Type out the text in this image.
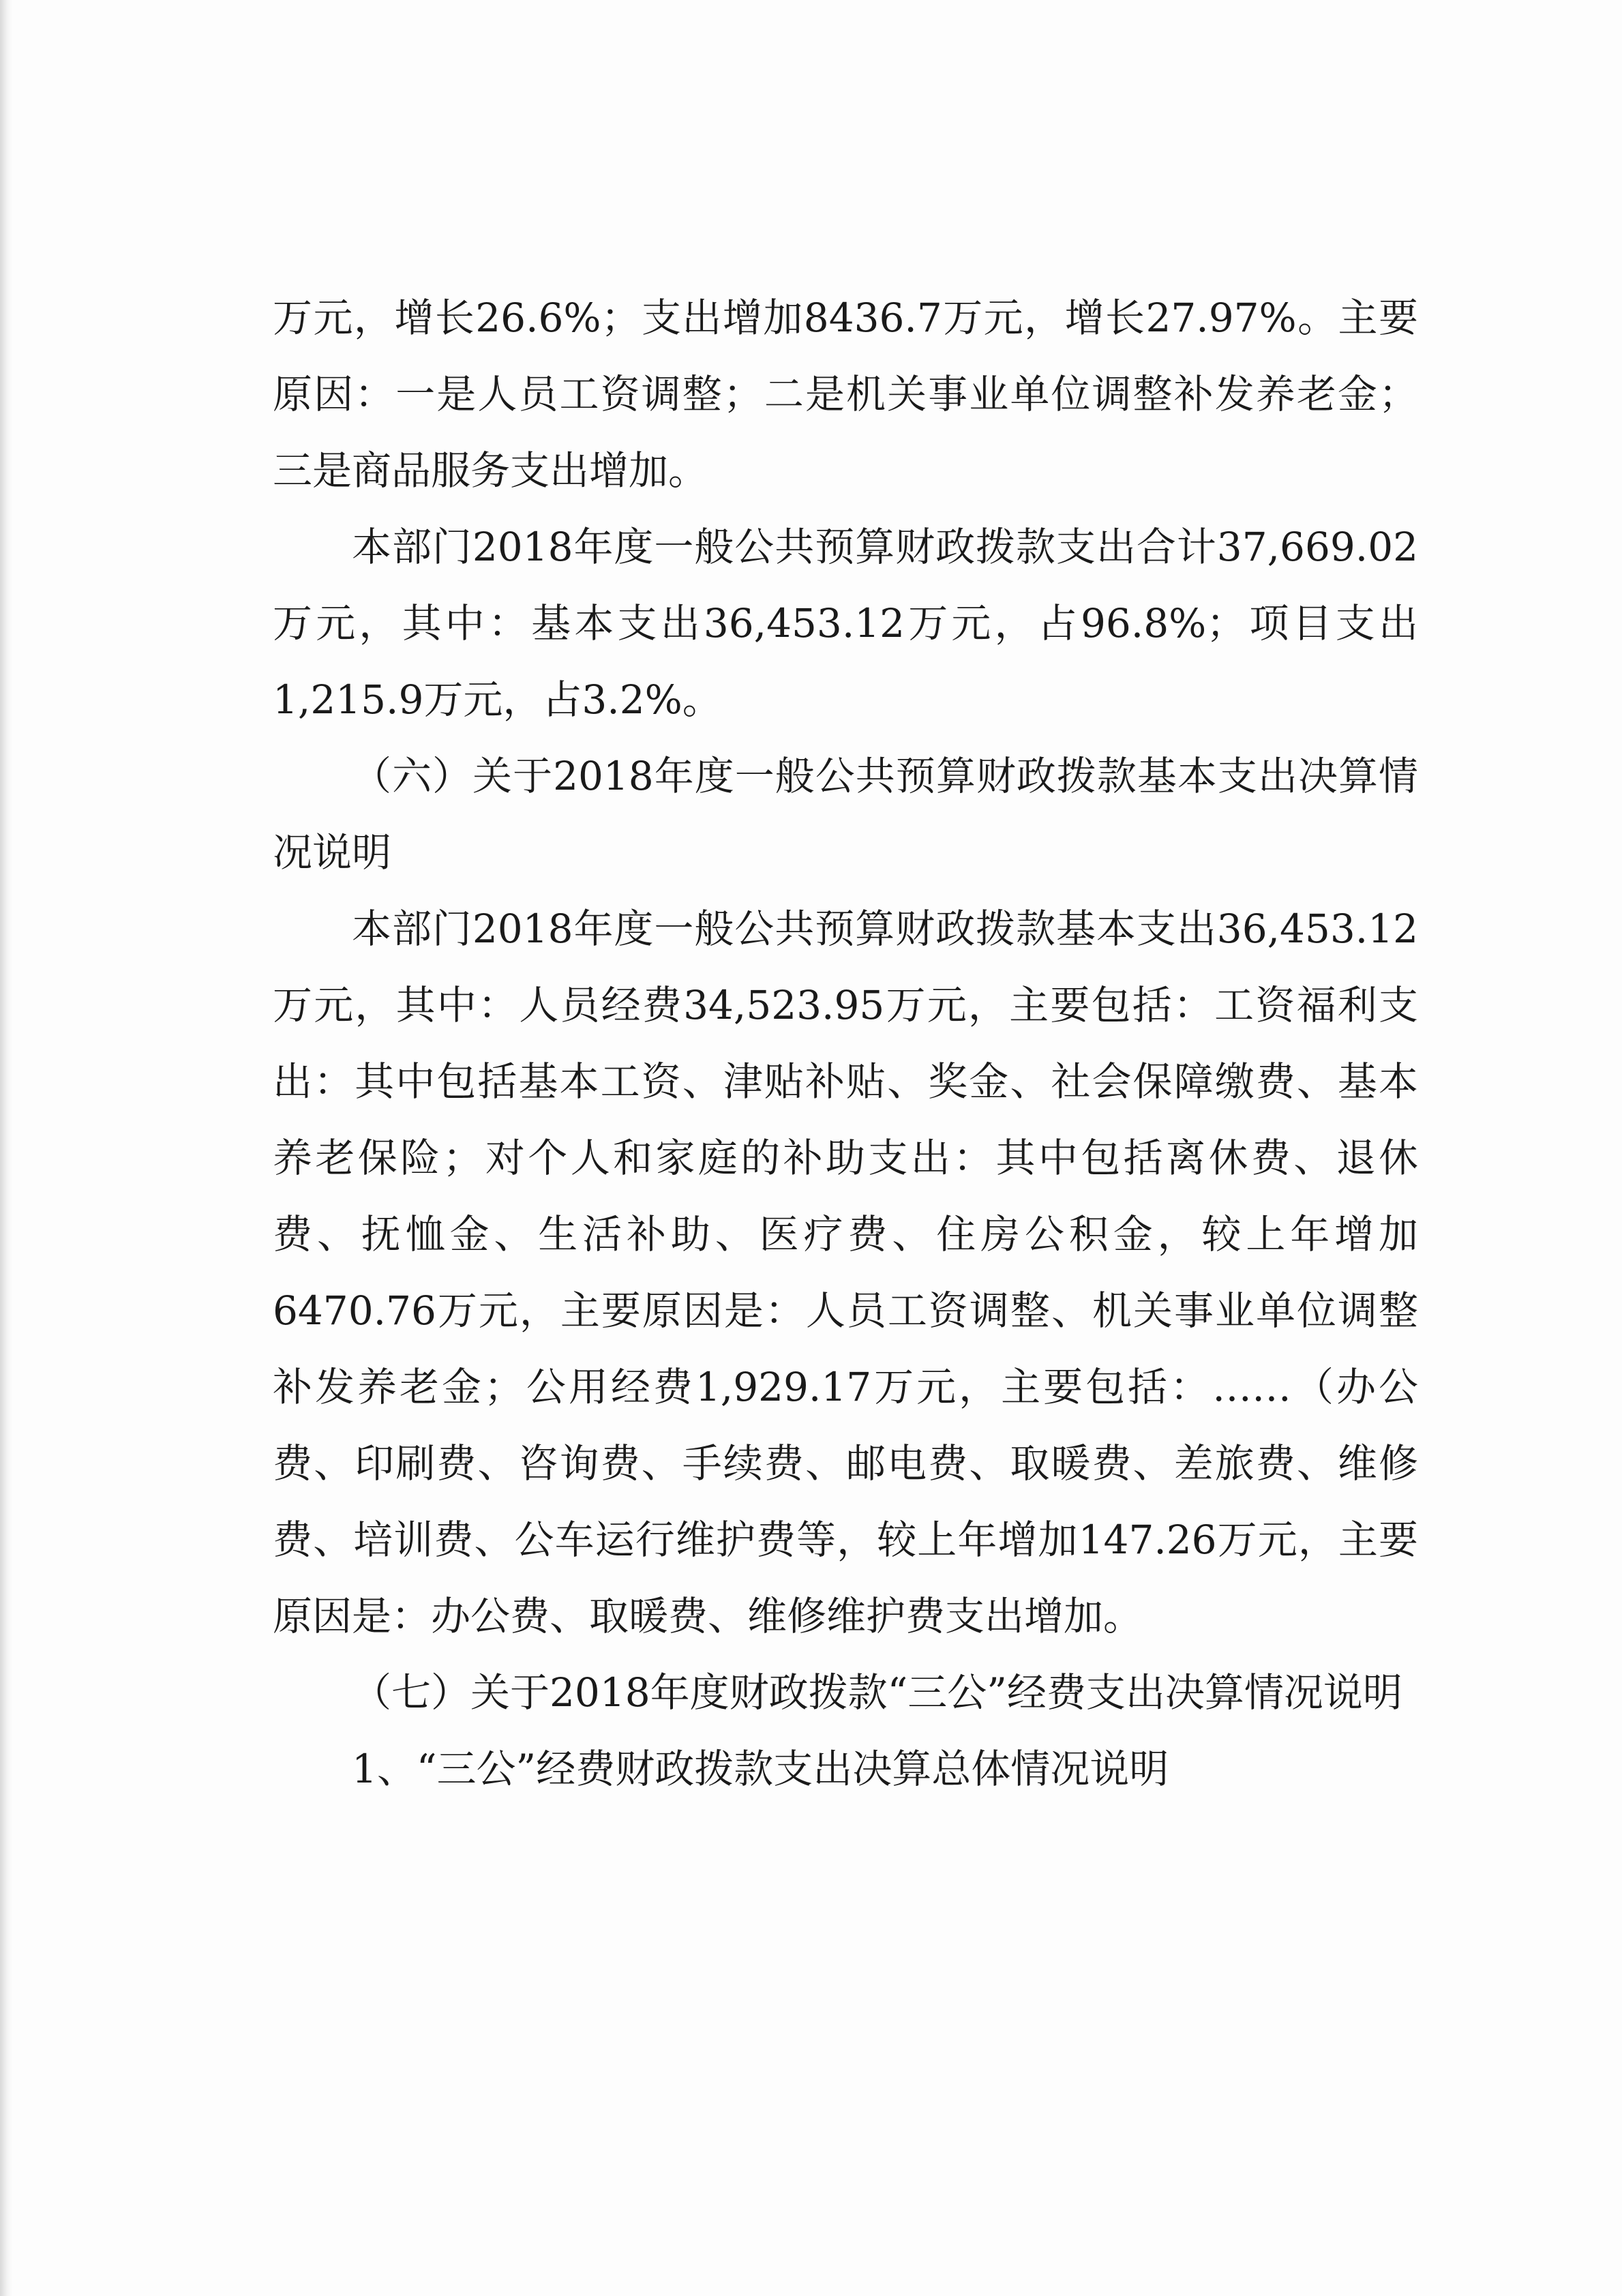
万元，增长26.6%；支出增加8436.7万元，增长27.97%。主要原因：一是人员工资调整；二是机关事业单位调整补发养老金；三是商品服务支出增加。

本部门2018年度一般公共预算财政拨款支出合计37,669.02万元，其中：基本支出36,453.12万元，占96.8%；项目支出1,215.9万元，占3.2%。

（六）关于2018年度一般公共预算财政拨款基本支出决算情况说明

本部门2018年度一般公共预算财政拨款基本支出36,453.12万元，其中：人员经费34,523.95万元，主要包括：工资福利支出：其中包括基本工资、津贴补贴、奖金、社会保障缴费、基本养老保险；对个人和家庭的补助支出：其中包括离休费、退休费、抚恤金、生活补助、医疗费、住房公积金，较上年增加6470.76万元，主要原因是：人员工资调整、机关事业单位调整补发养老金；公用经费1,929.17万元，主要包括：……（办公费、印刷费、咨询费、手续费、邮电费、取暖费、差旅费、维修费、培训费、公车运行维护费等，较上年增加147.26万元，主要原因是：办公费、取暖费、维修维护费支出增加。

（七）关于2018年度财政拨款“三公”经费支出决算情况说明

1、“三公”经费财政拨款支出决算总体情况说明
